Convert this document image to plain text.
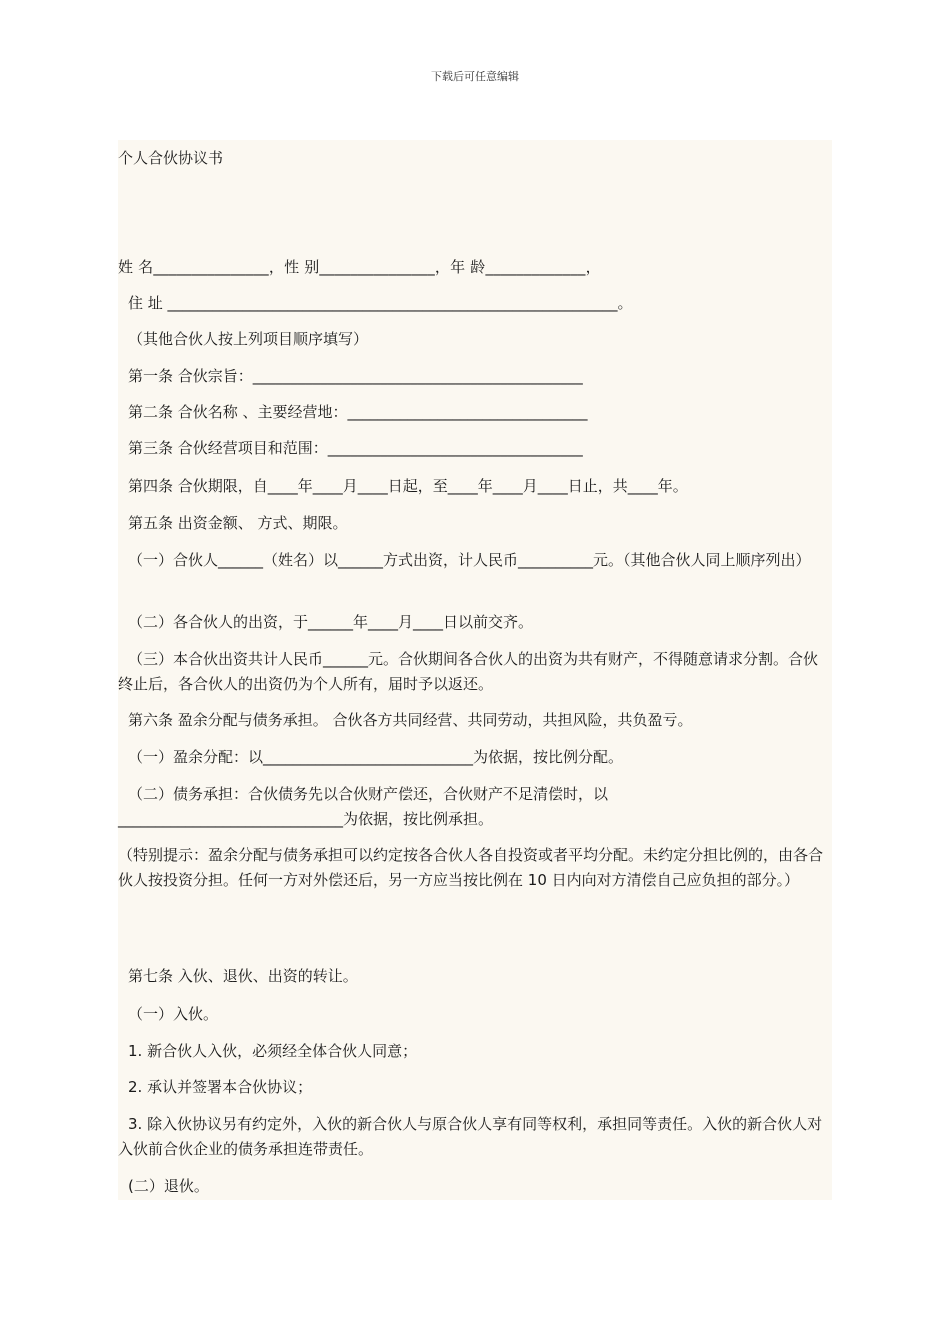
下载后可任意编辑
个人合伙协议书
姓 名_______________，性 别_______________，年 龄_____________，
住 址 ____________________________________________________________。
（其他合伙人按上列项目顺序填写）
第一条 合伙宗旨：____________________________________________
第二条 合伙名称 、主要经营地：________________________________
第三条 合伙经营项目和范围：__________________________________
第四条 合伙期限，自____年____月____日起，至____年____月____日止，共____年。
第五条 出资金额、 方式、期限。
（一）合伙人______（姓名）以______方式出资，计人民币__________元。（其他合伙人同上顺序列出）
（二）各合伙人的出资，于______年____月____日以前交齐。
（三）本合伙出资共计人民币______元。合伙期间各合伙人的出资为共有财产，不得随意请求分割。合伙终止后，各合伙人的出资仍为个人所有，届时予以返还。
第六条 盈余分配与债务承担。 合伙各方共同经营、共同劳动，共担风险，共负盈亏。
（一）盈余分配：以____________________________为依据，按比例分配。
（二）债务承担：合伙债务先以合伙财产偿还，合伙财产不足清偿时，以______________________________为依据，按比例承担。
（特别提示：盈余分配与债务承担可以约定按各合伙人各自投资或者平均分配。未约定分担比例的，由各合伙人按投资分担。任何一方对外偿还后，另一方应当按比例在 10 日内向对方清偿自己应负担的部分。）
第七条 入伙、退伙、出资的转让。
（一）入伙。
1. 新合伙人入伙，必须经全体合伙人同意；
2. 承认并签署本合伙协议；
3. 除入伙协议另有约定外，入伙的新合伙人与原合伙人享有同等权利，承担同等责任。入伙的新合伙人对入伙前合伙企业的债务承担连带责任。
(二）退伙。
